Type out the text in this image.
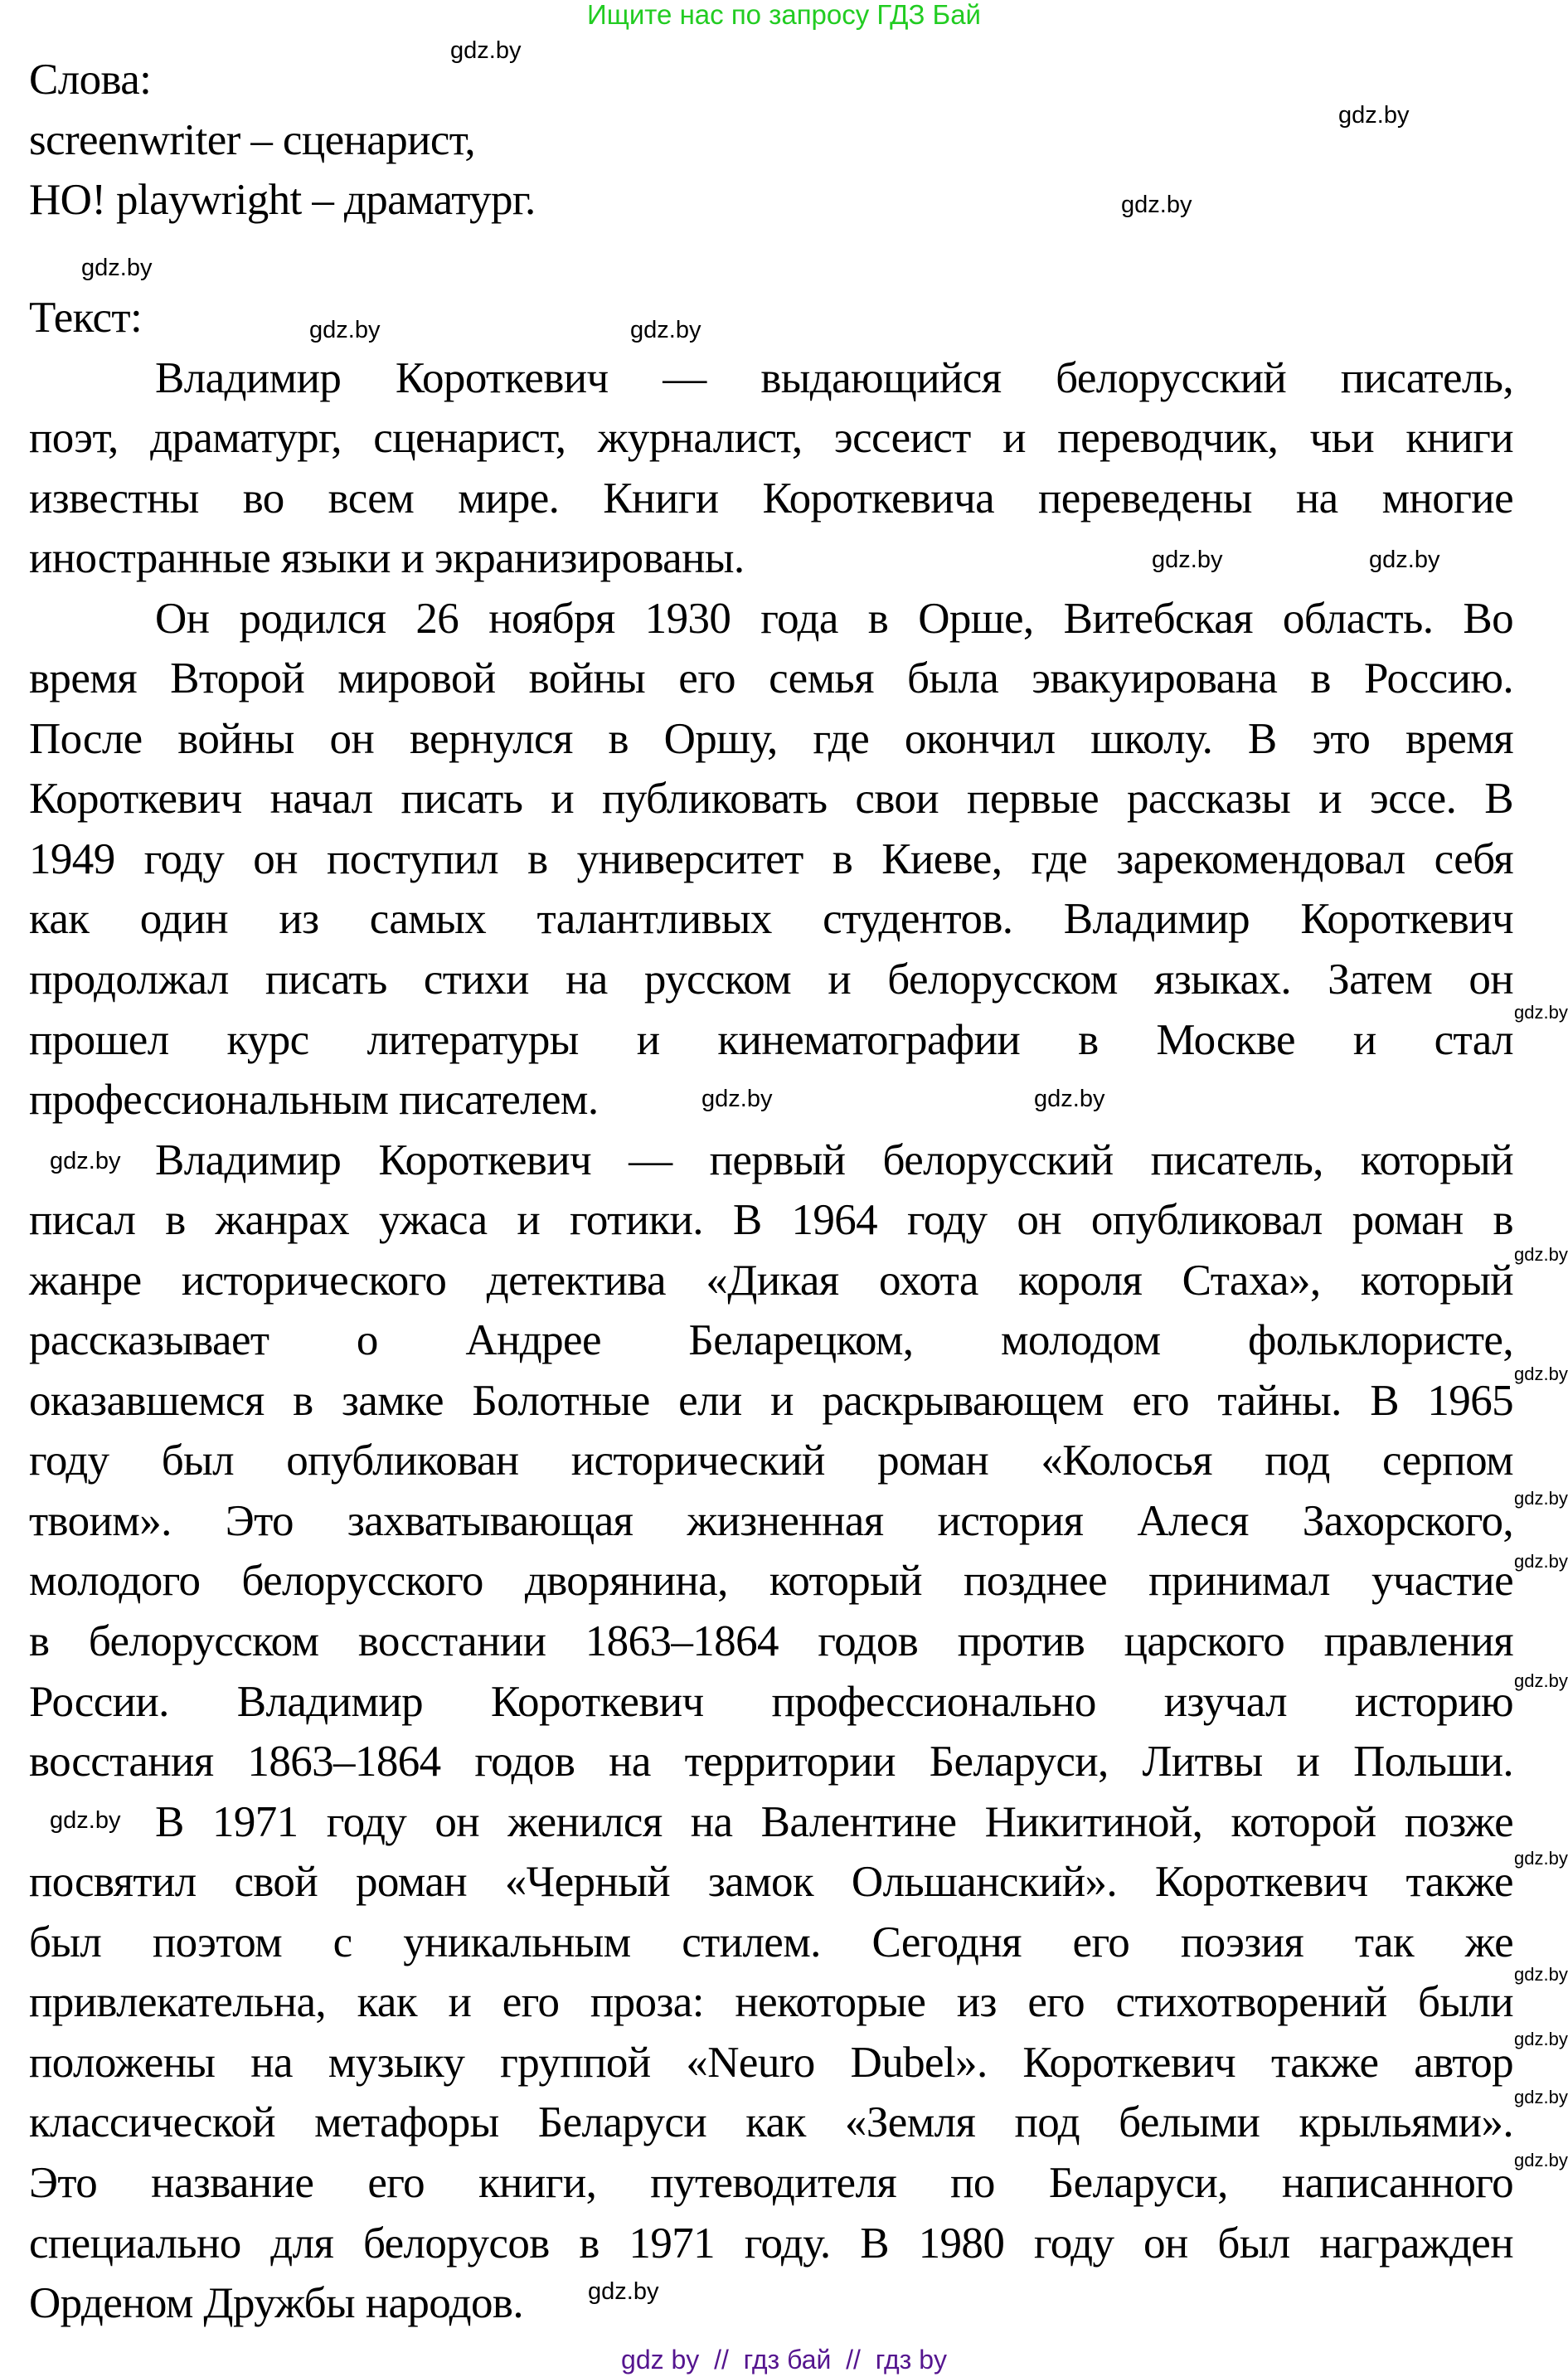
Ищите нас по запросу ГДЗ Бай
Слова:
screenwriter – сценарист,
НО! playwright – драматург.
Текст:
Владимир Короткевич — выдающийся белорусский писатель,
поэт, драматург, сценарист, журналист, эссеист и переводчик, чьи книги
известны во всем мире. Книги Короткевича переведены на многие
иностранные языки и экранизированы.
Он родился 26 ноября 1930 года в Орше, Витебская область. Во
время Второй мировой войны его семья была эвакуирована в Россию.
После войны он вернулся в Оршу, где окончил школу. В это время
Короткевич начал писать и публиковать свои первые рассказы и эссе. В
1949 году он поступил в университет в Киеве, где зарекомендовал себя
как один из самых талантливых студентов. Владимир Короткевич
продолжал писать стихи на русском и белорусском языках. Затем он
прошел курс литературы и кинематографии в Москве и стал
профессиональным писателем.
Владимир Короткевич — первый белорусский писатель, который
писал в жанрах ужаса и готики. В 1964 году он опубликовал роман в
жанре исторического детектива «Дикая охота короля Стаха», который
рассказывает о Андрее Беларецком, молодом фольклористе,
оказавшемся в замке Болотные ели и раскрывающем его тайны. В 1965
году был опубликован исторический роман «Колосья под серпом
твоим». Это захватывающая жизненная история Алеся Захорского,
молодого белорусского дворянина, который позднее принимал участие
в белорусском восстании 1863–1864 годов против царского правления
России. Владимир Короткевич профессионально изучал историю
восстания 1863–1864 годов на территории Беларуси, Литвы и Польши.
В 1971 году он женился на Валентине Никитиной, которой позже
посвятил свой роман «Черный замок Ольшанский». Короткевич также
был поэтом с уникальным стилем. Сегодня его поэзия так же
привлекательна, как и его проза: некоторые из его стихотворений были
положены на музыку группой «Neuro Dubel». Короткевич также автор
классической метафоры Беларуси как «Земля под белыми крыльями».
Это название его книги, путеводителя по Беларуси, написанного
специально для белорусов в 1971 году. В 1980 году он был награжден
Орденом Дружбы народов.
gdz.by
gdz.by
gdz.by
gdz.by
gdz.by	gdz.by
gdz.by
gdz.by
gdz.by
gdz.by
gdz.by
gdz.by
gdz.by
gdz.by
gdz.by
gdz.by
gdz.by
gdz.by
gdz.by
gdz.by
gdz.by
gdz.by
gdz.by
gdz.by
gdz by  //  гдз бай  //  гдз by
